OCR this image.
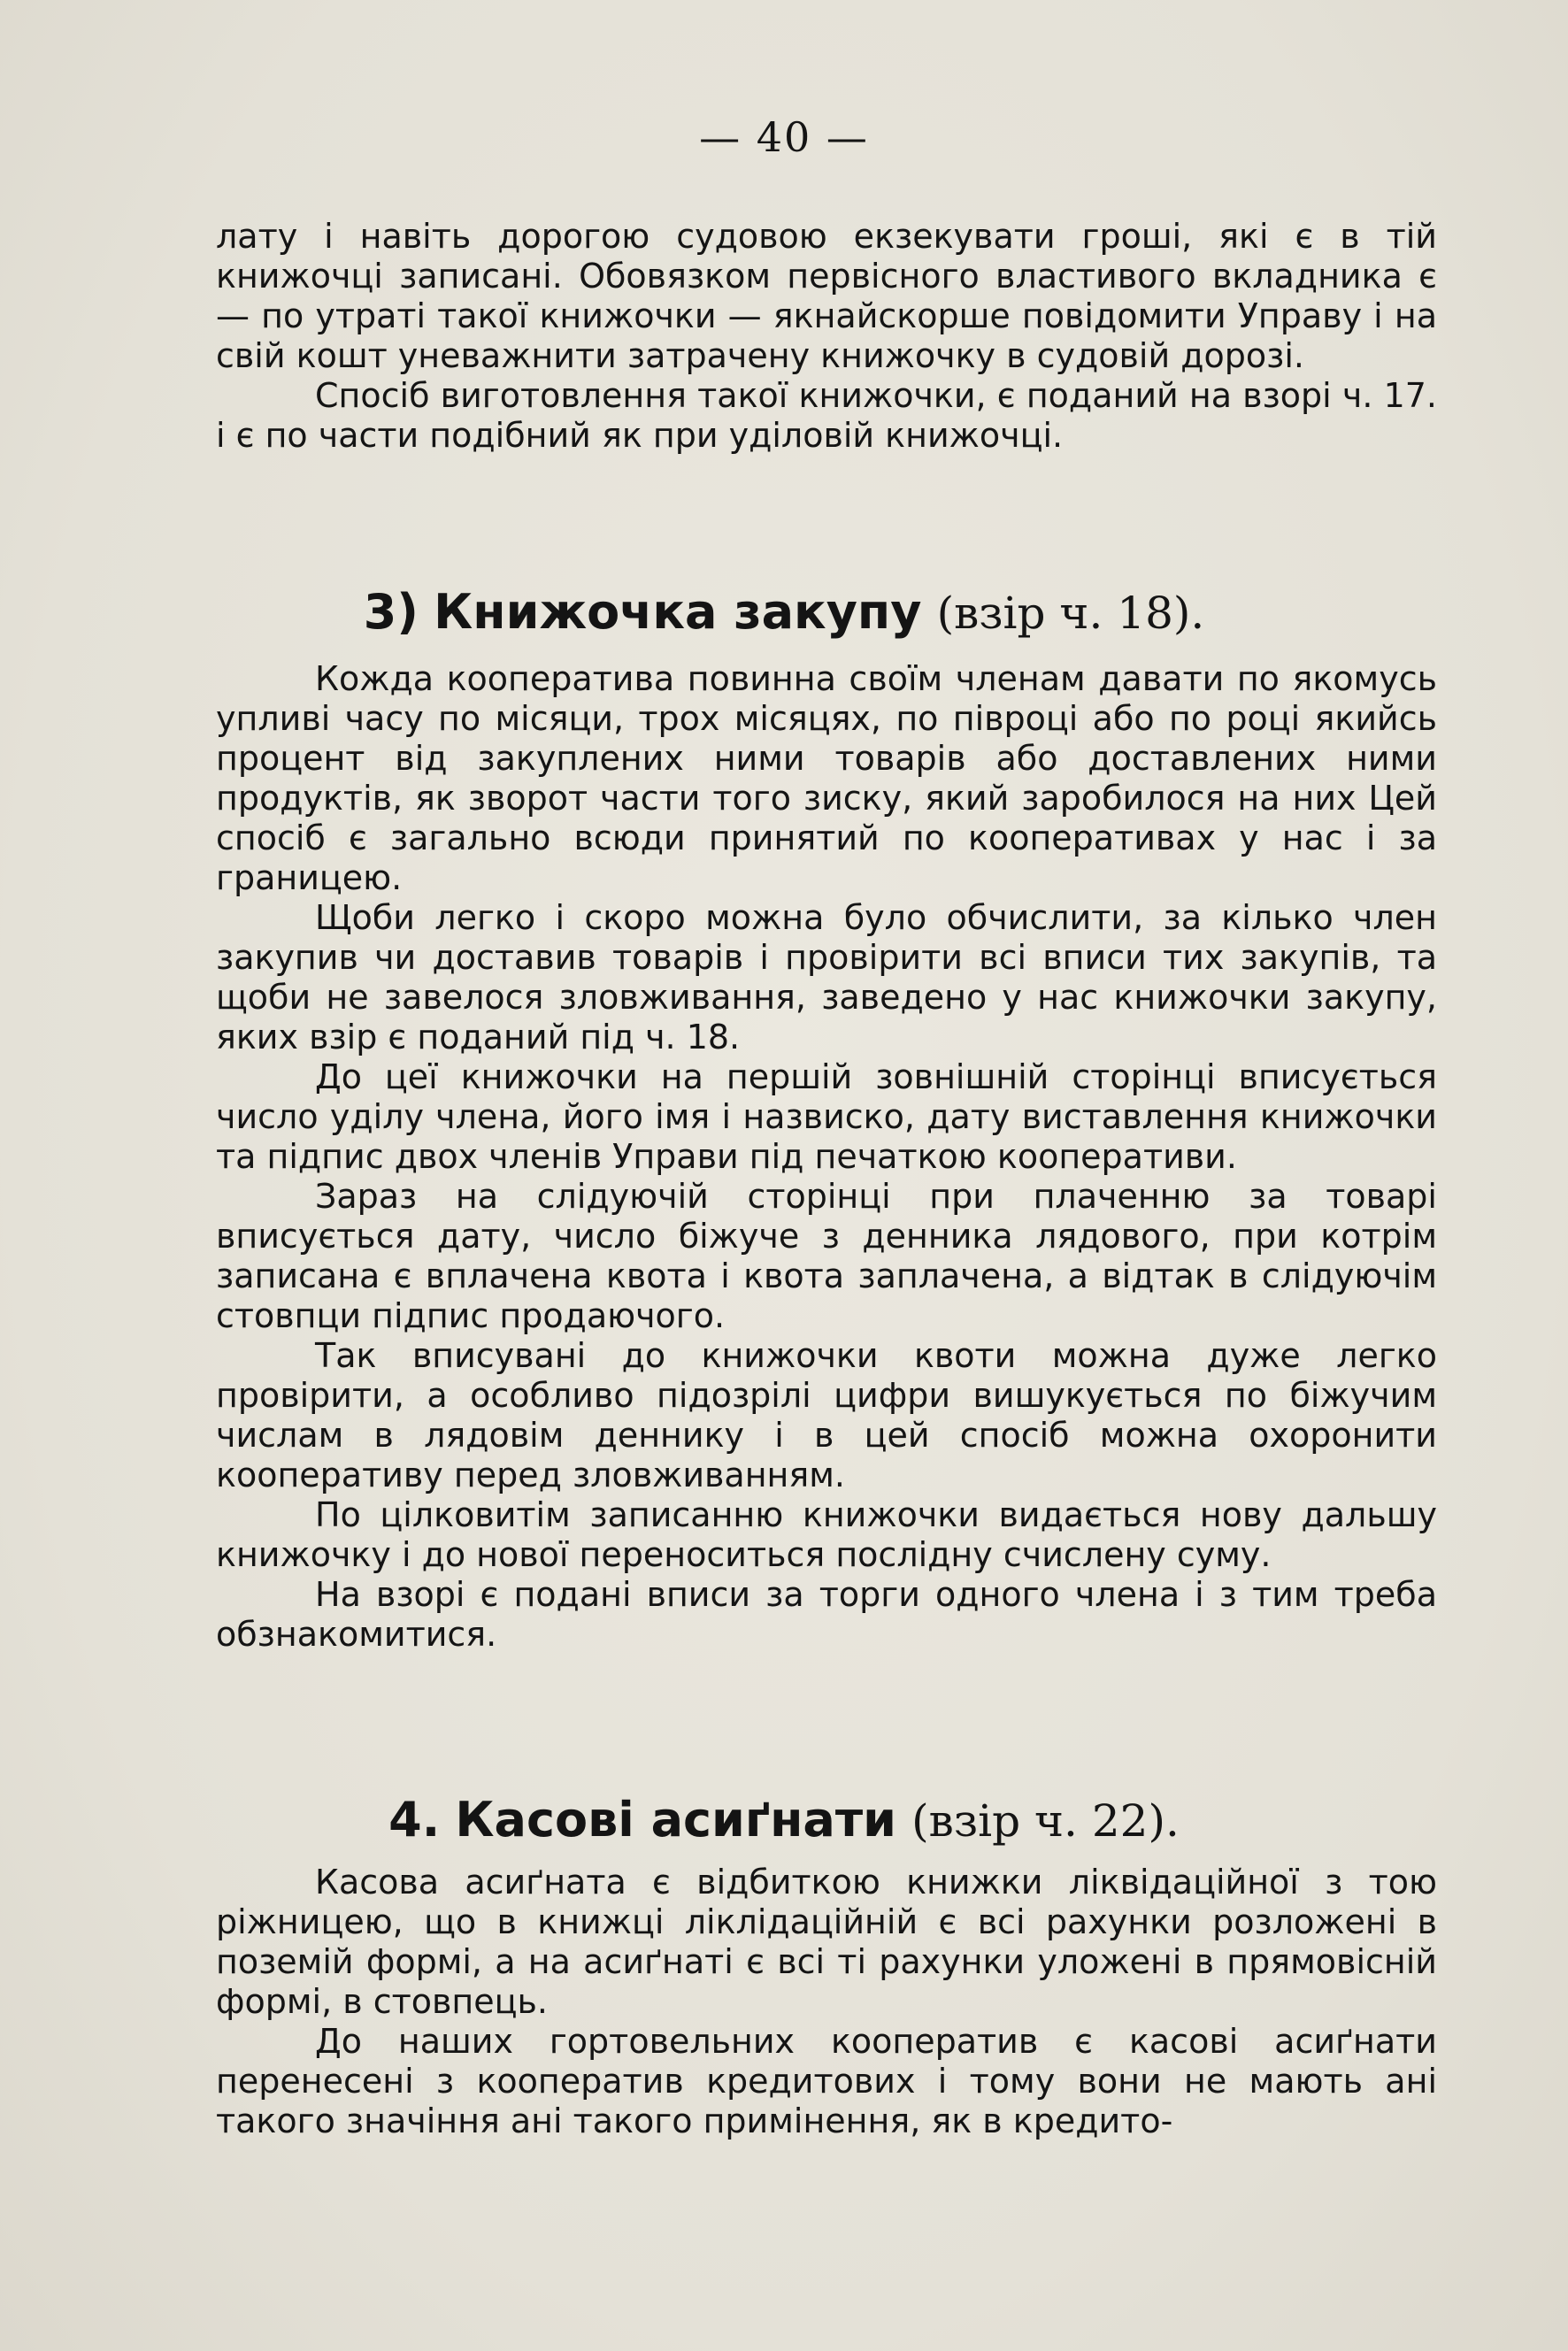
— 40 —

лату і навіть дорогою судовою екзекувати гроші, які є в тій книжочці записані. Обовязком первісного властивого вкладника є — по утраті такої книжочки — якнайскорше повідомити Управу і на свій кошт уневажнити затрачену книжочку в судовій дорозі.

Спосіб виготовлення такої книжочки, є поданий на взорі ч. 17. і є по части подібний як при уділовій книжочці.

3) Книжочка закупу (взір ч. 18).

Кожда кооператива повинна своїм членам давати по якомусь упливі часу по місяци, трох місяцях, по півроці або по році якийсь процент від закуплених ними товарів або доставлених ними продуктів, як зворот части того зиску, який заробилося на них Цей спосіб є загально всюди принятий по кооперативах у нас і за границею.

Щоби легко і скоро можна було обчислити, за кілько член закупив чи доставив товарів і провірити всі вписи тих закупів, та щоби не завелося зловживання, заведено у нас книжочки закупу, яких взір є поданий під ч. 18.

До цеї книжочки на першій зовнішній сторінці вписується число уділу члена, його імя і назвиско, дату виставлення книжочки та підпис двох членів Управи під печаткою кооперативи.

Зараз на слідуючій сторінці при плаченню за товарі вписується дату, число біжуче з денника лядового, при котрім записана є вплачена квота і квота заплачена, а відтак в слідуючім стовпци підпис продаючого.

Так вписувані до книжочки квоти можна дуже легко провірити, а особливо підозрілі цифри вишукується по біжучим числам в лядовім деннику і в цей спосіб можна охоронити кооперативу перед зловживанням.

По цілковитім записанню книжочки видається нову дальшу книжочку і до нової переноситься послідну счислену суму.

На взорі є подані вписи за торги одного члена і з тим треба обзнакомитися.

4. Касові асиґнати (взір ч. 22).

Касова асиґната є відбиткою книжки ліквідаційної з тою ріжницею, що в книжці ліклідаційній є всі рахунки розложені в поземій формі, а на асиґнаті є всі ті рахунки уложені в прямовісній формі, в стовпець.

До наших гортовельних кооператив є касові асиґнати перенесені з кооператив кредитових і тому вони не мають ані такого значіння ані такого примінення, як в кредито-
